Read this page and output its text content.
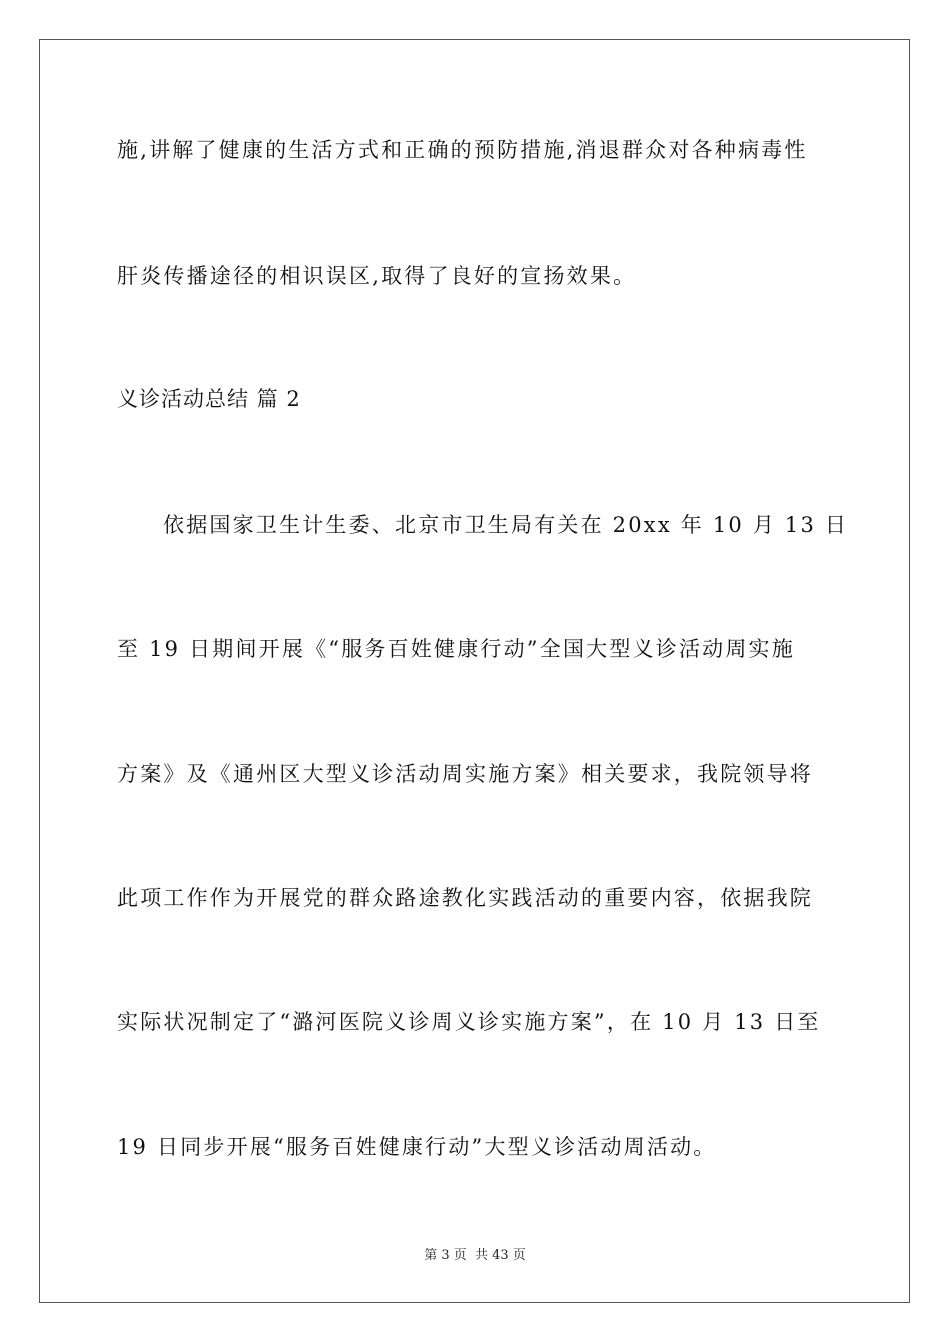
施,讲解了健康的生活方式和正确的预防措施,消退群众对各种病毒性
肝炎传播途径的相识误区,取得了良好的宣扬效果。
义诊活动总结 篇 2
依据国家卫生计生委、北京市卫生局有关在 20xx 年 10 月 13 日
至 19 日期间开展《“服务百姓健康行动”全国大型义诊活动周实施
方案》及《通州区大型义诊活动周实施方案》相关要求，我院领导将
此项工作作为开展党的群众路途教化实践活动的重要内容，依据我院
实际状况制定了“潞河医院义诊周义诊实施方案”，在 10 月 13 日至
19 日同步开展“服务百姓健康行动”大型义诊活动周活动。
第 3 页 共 43 页
